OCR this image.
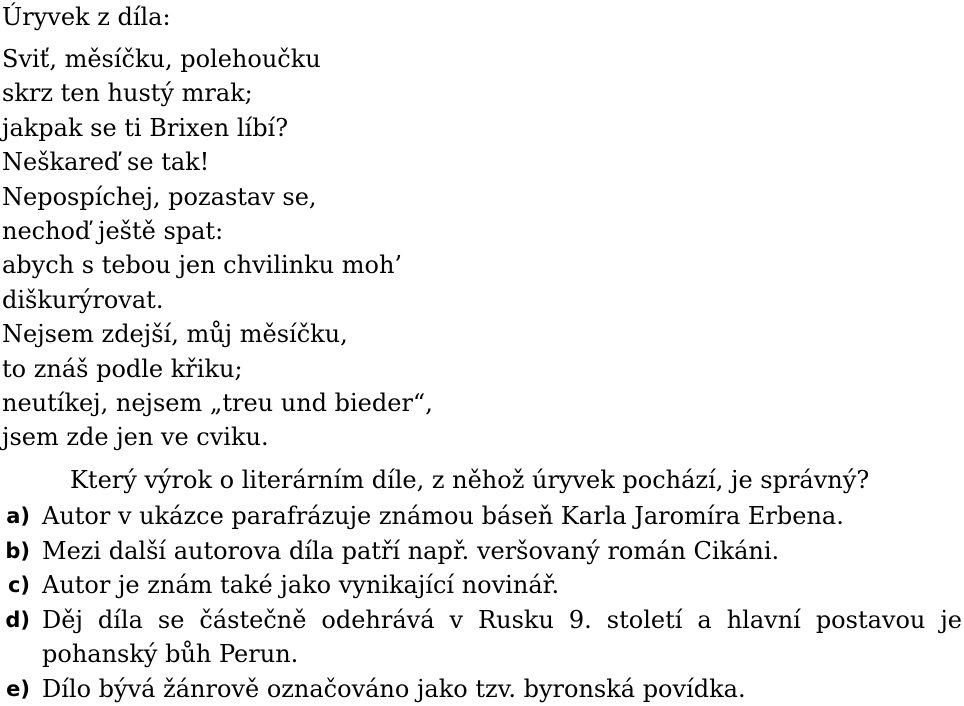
Úryvek z díla:
Sviť, měsíčku, polehoučku
skrz ten hustý mrak;
jakpak se ti Brixen líbí?
Neškareď se tak!
Nepospíchej, pozastav se,
nechoď ještě spat:
abych s tebou jen chvilinku moh’
diškurýrovat.
Nejsem zdejší, můj měsíčku,
to znáš podle křiku;
neutíkej, nejsem „treu und bieder“,
jsem zde jen ve cviku.
Který výrok o literárním díle, z něhož úryvek pochází, je správný?
a) Autor v ukázce parafrázuje známou báseň Karla Jaromíra Erbena.
b) Mezi další autorova díla patří např. veršovaný román Cikáni.
c) Autor je znám také jako vynikající novinář.
d) Děj díla se částečně odehrává v Rusku 9. století a hlavní postavou je pohanský bůh Perun.
e) Dílo bývá žánrově označováno jako tzv. byronská povídka.
